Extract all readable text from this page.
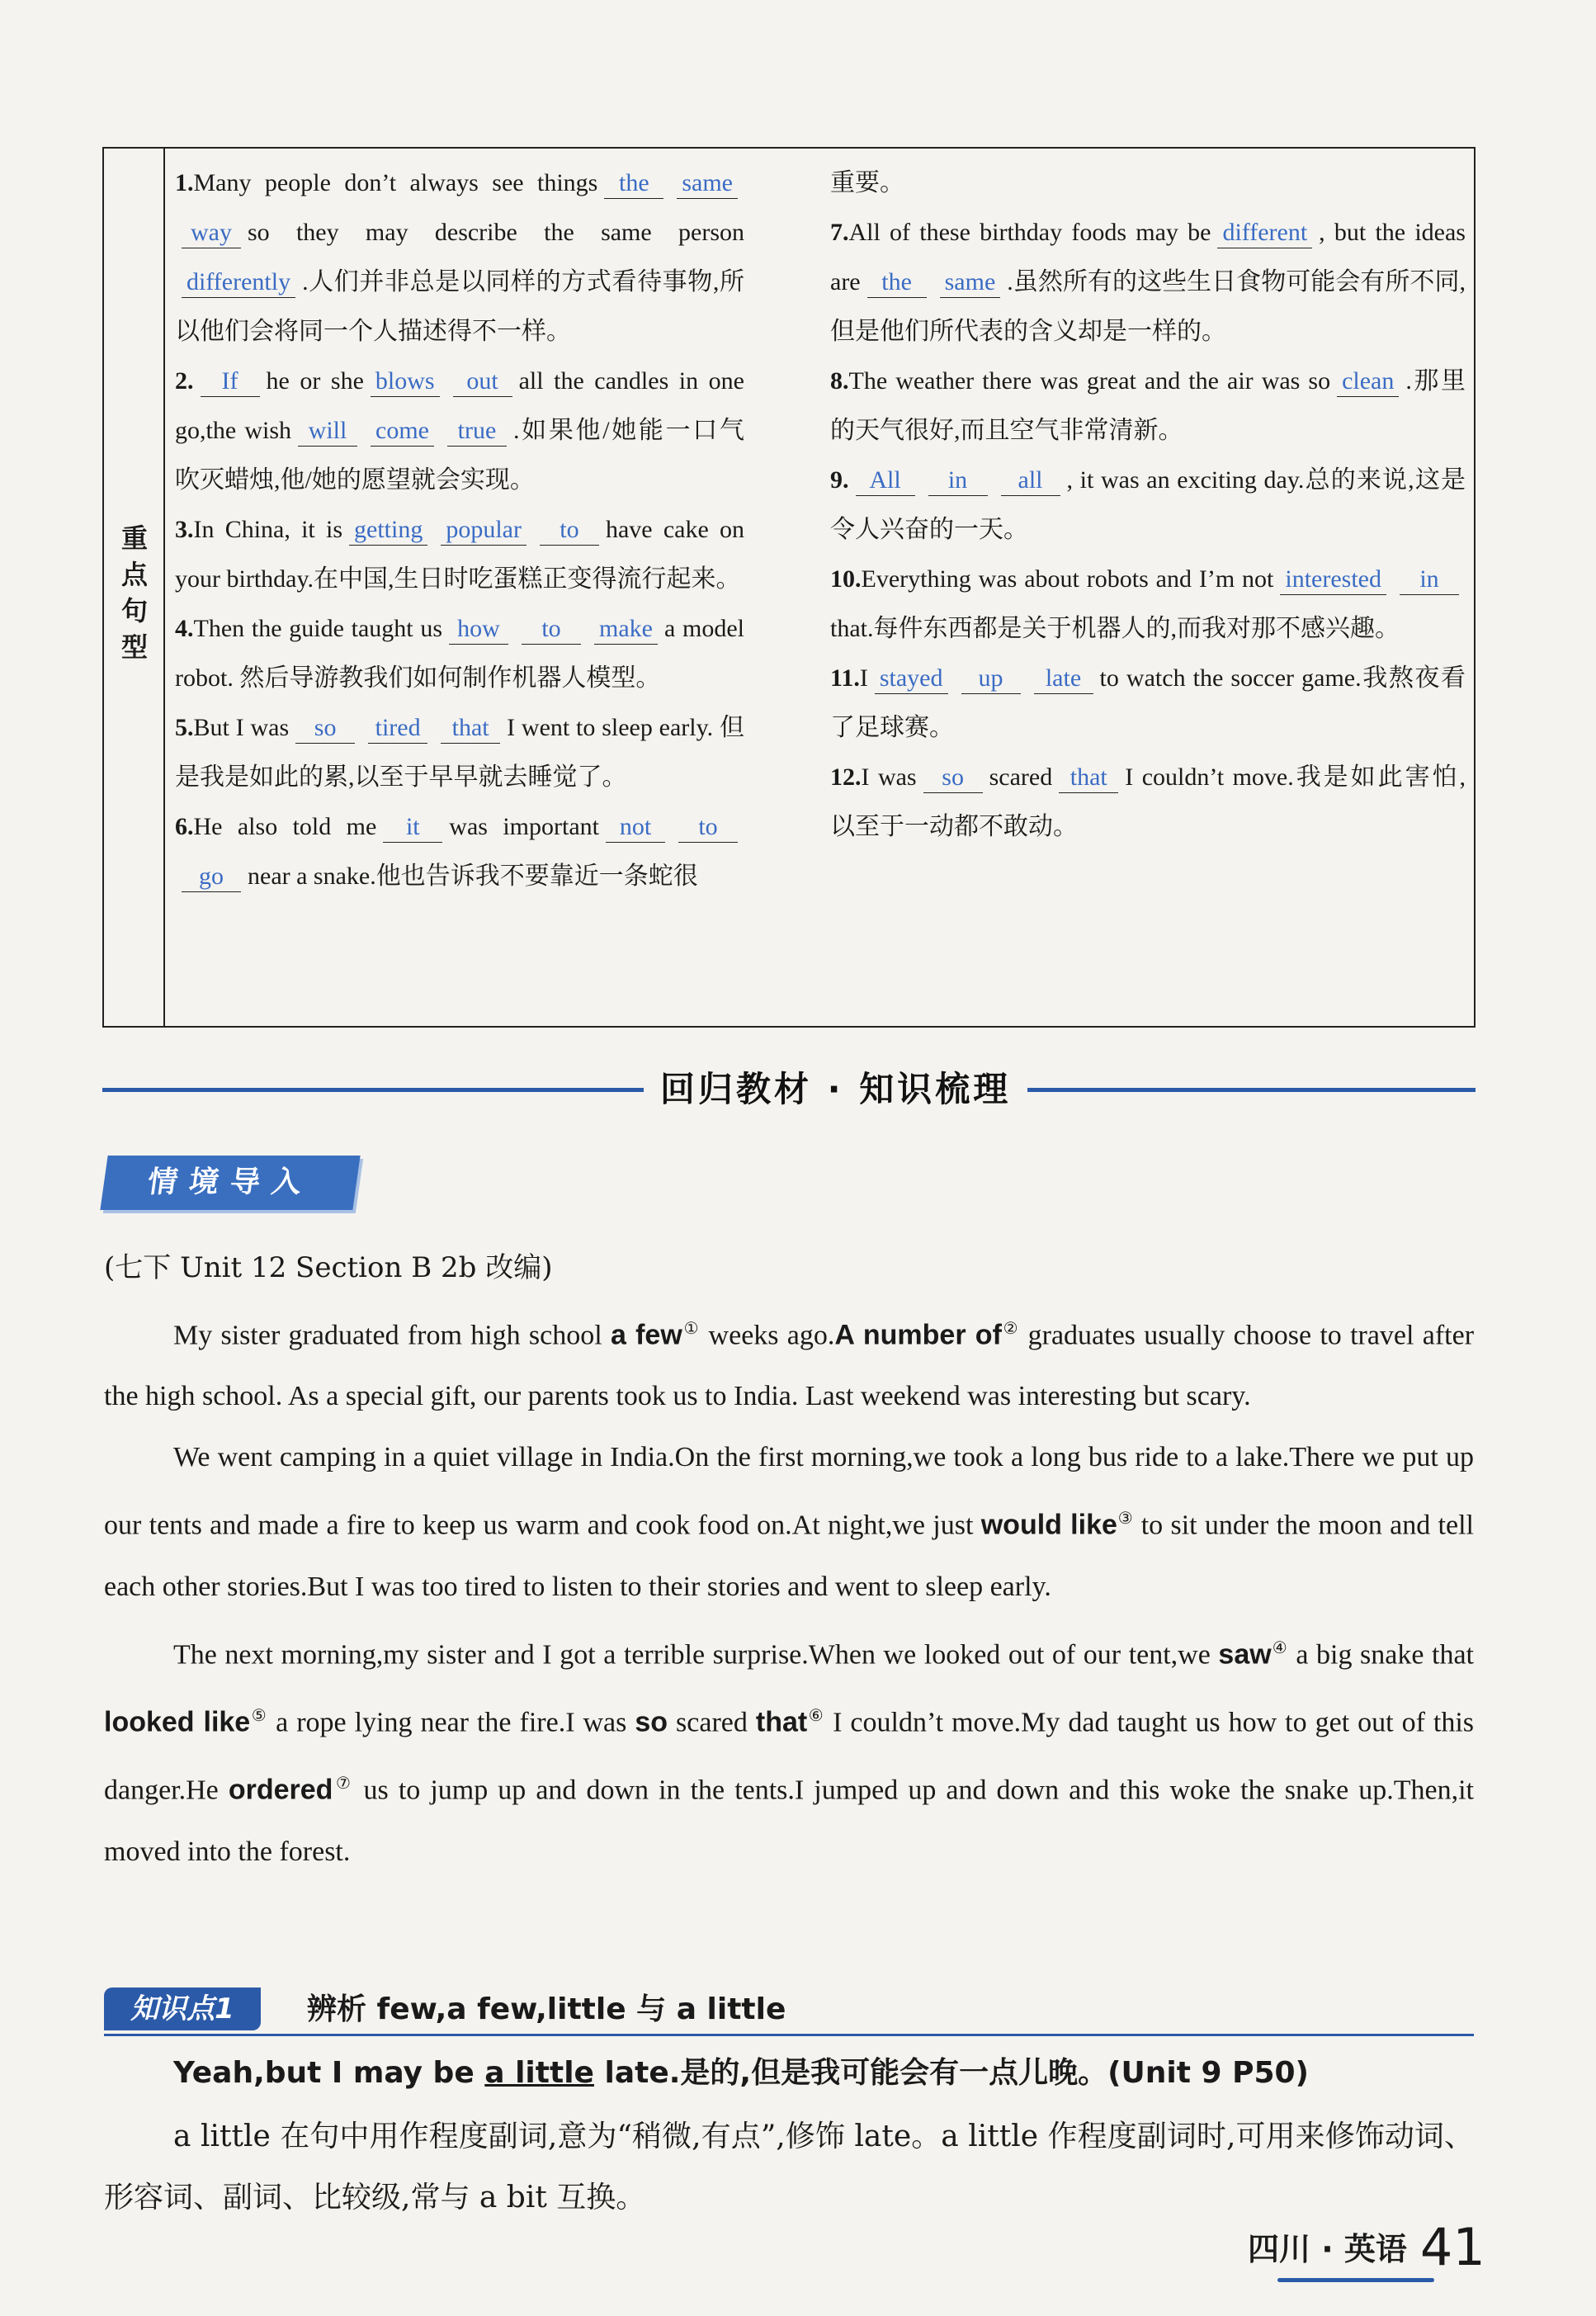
重点句型

1.Many people don’t always see things the sameway so they may describe the same persondifferently .人们并非总是以同样的方式看待事物,所以他们会将同一个人描述得不一样。

2. If he or she blows out all the candles in one go,the wish will come true .如果他/她能一口气吹灭蜡烛,他/她的愿望就会实现。

3.In China, it is getting popular to have cake on your birthday.在中国,生日时吃蛋糕正变得流行起来。

4.Then the guide taught us how to make a model robot. 然后导游教我们如何制作机器人模型。

5.But I was so tired that I went to sleep early. 但是我是如此的累,以至于早早就去睡觉了。

6.He also told me it was important not togo near a snake.他也告诉我不要靠近一条蛇很

重要。

7.All of these birthday foods may be different , but the ideas are the same .虽然所有的这些生日食物可能会有所不同,但是他们所代表的含义却是一样的。

8.The weather there was great and the air was so clean .那里的天气很好,而且空气非常清新。

9. All in all , it was an exciting day.总的来说,这是令人兴奋的一天。

10.Everything was about robots and I’m not interested inthat.每件东西都是关于机器人的,而我对那不感兴趣。

11.I stayed up late to watch the soccer game.我熬夜看了足球赛。

12.I was so scared that I couldn’t move.我是如此害怕,以至于一动都不敢动。

回归教材 · 知识梳理
情境导入
(七下 Unit 12 Section B 2b 改编)

My sister graduated from high school a few① weeks ago.A number of② graduates usually choose to travel after the high school. As a special gift, our parents took us to India. Last weekend was interesting but scary.

We went camping in a quiet village in India.On the first morning,we took a long bus ride to a lake.There we put up our tents and made a fire to keep us warm and cook food on.At night,we just would like③ to sit under the moon and tell each other stories.But I was too tired to listen to their stories and went to sleep early.

The next morning,my sister and I got a terrible surprise.When we looked out of our tent,we saw④ a big snake that looked like⑤ a rope lying near the fire.I was so scared that⑥ I couldn’t move.My dad taught us how to get out of this danger.He ordered⑦ us to jump up and down in the tents.I jumped up and down and this woke the snake up.Then,it moved into the forest.

知识点1	辨析 few,a few,little 与 a little
Yeah,but I may be a little late.是的,但是我可能会有一点儿晚。(Unit 9 P50)

a little 在句中用作程度副词,意为“稍微,有点”,修饰 late。a little 作程度副词时,可用来修饰动词、形容词、副词、比较级,常与 a bit 互换。

四川 · 英语 41
